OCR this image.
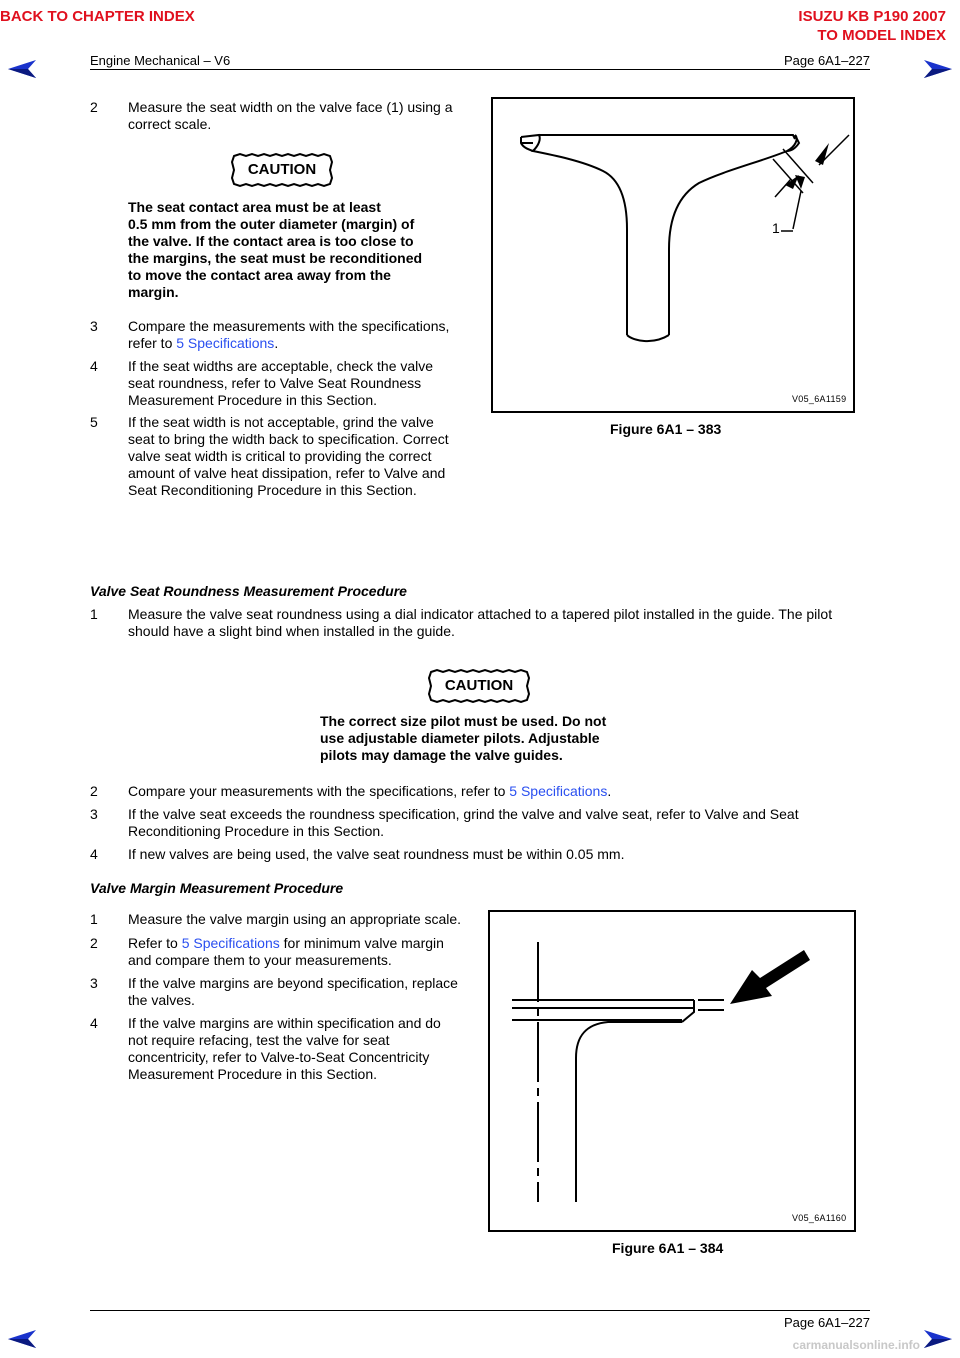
BACK TO CHAPTER INDEX	ISUZU KB P190 2007
TO MODEL INDEX
Engine Mechanical – V6	Page 6A1–227
2 Measure the seat width on the valve face (1) using a
correct scale.
CAUTION
The seat contact area must be at least
0.5 mm from the outer diameter (margin) of
the valve. If the contact area is too close to
the margins, the seat must be reconditioned
to move the contact area away from the
margin.
3 Compare the measurements with the specifications,
refer to 5 Specifications.
4 If the seat widths are acceptable, check the valve
seat roundness, refer to Valve Seat Roundness
Measurement Procedure in this Section.
5 If the seat width is not acceptable, grind the valve
seat to bring the width back to specification. Correct
valve seat width is critical to providing the correct
amount of valve heat dissipation, refer to Valve and
Seat Reconditioning Procedure in this Section.
1
V05_6A1159
Figure 6A1 – 383
Valve Seat Roundness Measurement Procedure
1 Measure the valve seat roundness using a dial indicator attached to a tapered pilot installed in the guide. The pilot
should have a slight bind when installed in the guide.
CAUTION
The correct size pilot must be used. Do not
use adjustable diameter pilots. Adjustable
pilots may damage the valve guides.
2 Compare your measurements with the specifications, refer to 5 Specifications.
3 If the valve seat exceeds the roundness specification, grind the valve and valve seat, refer to Valve and Seat
Reconditioning Procedure in this Section.
4 If new valves are being used, the valve seat roundness must be within 0.05 mm.
Valve Margin Measurement Procedure
1 Measure the valve margin using an appropriate scale.
2 Refer to 5 Specifications for minimum valve margin
and compare them to your measurements.
3 If the valve margins are beyond specification, replace
the valves.
4 If the valve margins are within specification and do
not require refacing, test the valve for seat
concentricity, refer to Valve-to-Seat Concentricity
Measurement Procedure in this Section.
V05_6A1160
Figure 6A1 – 384
Page 6A1–227
carmanualsonline.info
